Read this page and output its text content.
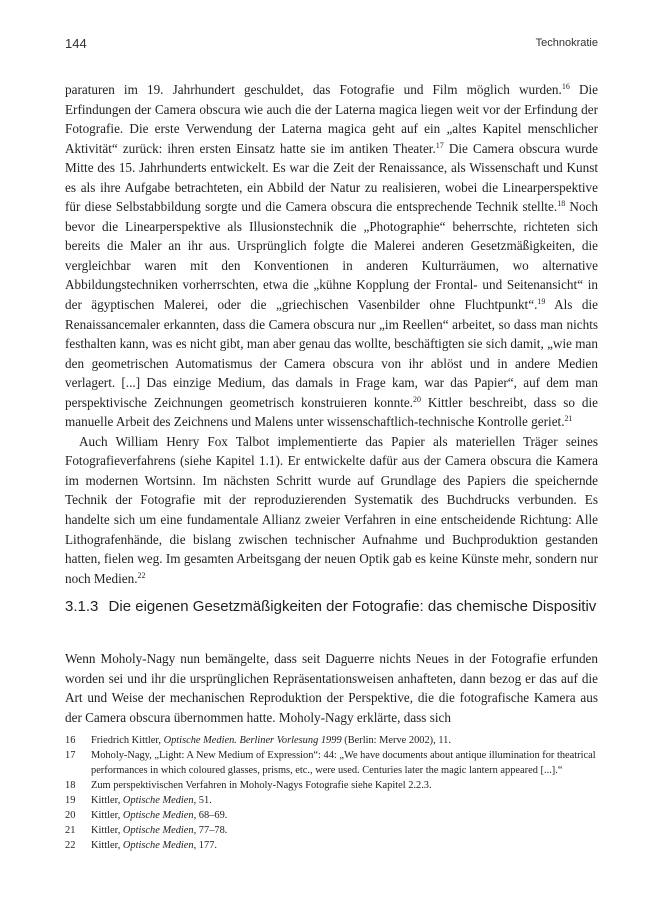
144	Technokratie

paraturen im 19. Jahrhundert geschuldet, das Fotografie und Film möglich wurden.$^{16}$ Die Erfindungen der Camera obscura wie auch die der Laterna magica liegen weit vor der Erfindung der Fotografie. Die erste Verwendung der Laterna magica geht auf ein „altes Kapitel menschlicher Aktivität“ zurück: ihren ersten Einsatz hatte sie im antiken Theater.$^{17}$ Die Camera obscura wurde Mitte des 15. Jahrhunderts entwickelt. Es war die Zeit der Renaissance, als Wissenschaft und Kunst es als ihre Aufgabe betrachteten, ein Abbild der Natur zu realisieren, wobei die Linearperspektive für diese Selbstabbildung sorgte und die Camera obscura die entsprechende Technik stellte.$^{18}$ Noch bevor die Linearperspektive als Illusionstechnik die „Photographie“ beherrschte, richteten sich bereits die Maler an ihr aus. Ursprünglich folgte die Malerei anderen Gesetzmäßigkeiten, die vergleichbar waren mit den Konventionen in anderen Kulturräumen, wo alternative Abbildungstechniken vorherrschten, etwa die „kühne Kopplung der Frontal- und Seitenansicht“ in der ägyptischen Malerei, oder die „griechischen Vasenbilder ohne Fluchtpunkt“.$^{19}$ Als die Renaissancemaler erkannten, dass die Camera obscura nur „im Reellen“ arbeitet, so dass man nichts festhalten kann, was es nicht gibt, man aber genau das wollte, beschäftigten sie sich damit, „wie man den geometrischen Automatismus der Camera obscura von ihr ablöst und in andere Medien verlagert. [...] Das einzige Medium, das damals in Frage kam, war das Papier“, auf dem man perspektivische Zeichnungen geometrisch konstruieren konnte.$^{20}$ Kittler beschreibt, dass so die manuelle Arbeit des Zeichnens und Malens unter wissenschaftlich-technische Kontrolle geriet.$^{21}$

Auch William Henry Fox Talbot implementierte das Papier als materiellen Träger seines Fotografieverfahrens (siehe Kapitel 1.1). Er entwickelte dafür aus der Camera obscura die Kamera im modernen Wortsinn. Im nächsten Schritt wurde auf Grundlage des Papiers die speichernde Technik der Fotografie mit der reproduzierenden Systematik des Buchdrucks verbunden. Es handelte sich um eine fundamentale Allianz zweier Verfahren in eine entscheidende Richtung: Alle Lithografenhände, die bislang zwischen technischer Aufnahme und Buchproduktion gestanden hatten, fielen weg. Im gesamten Arbeitsgang der neuen Optik gab es keine Künste mehr, sondern nur noch Medien.$^{22}$

3.1.3 Die eigenen Gesetzmäßigkeiten der Fotografie: das chemische Dispositiv

Wenn Moholy-Nagy nun bemängelte, dass seit Daguerre nichts Neues in der Fotografie erfunden worden sei und ihr die ursprünglichen Repräsentationsweisen anhafteten, dann bezog er das auf die Art und Weise der mechanischen Reproduktion der Perspektive, die die fotografische Kamera aus der Camera obscura übernommen hatte. Moholy-Nagy erklärte, dass sich

16 Friedrich Kittler, Optische Medien. Berliner Vorlesung 1999 (Berlin: Merve 2002), 11.

17 Moholy-Nagy, „Light: A New Medium of Expression“: 44: „We have documents about antique illumination for theatrical performances in which coloured glasses, prisms, etc., were used. Centuries later the magic lantern appeared [...].“

18 Zum perspektivischen Verfahren in Moholy-Nagys Fotografie siehe Kapitel 2.2.3.

19 Kittler, Optische Medien, 51.

20 Kittler, Optische Medien, 68–69.

21 Kittler, Optische Medien, 77–78.

22 Kittler, Optische Medien, 177.
